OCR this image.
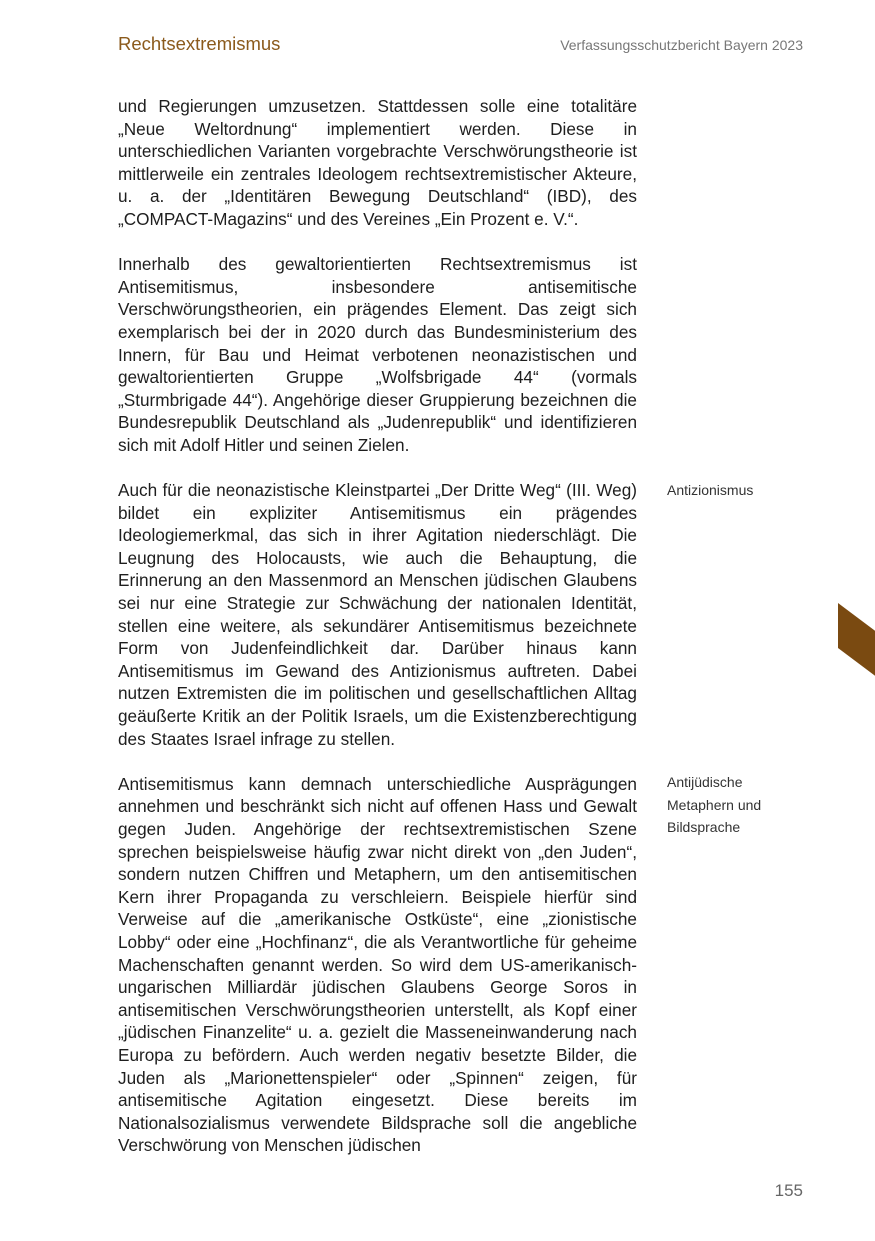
Rechtsextremismus	Verfassungsschutzbericht Bayern 2023

und Regierungen umzusetzen. Stattdessen solle eine totalitäre „Neue Weltordnung“ implementiert werden. Diese in unterschiedlichen Varianten vorgebrachte Verschwörungstheorie ist mittlerweile ein zentrales Ideologem rechtsextremistischer Akteure, u. a. der „Identitären Bewegung Deutschland“ (IBD), des „COMPACT-Magazins“ und des Vereines „Ein Prozent e. V.“.

Innerhalb des gewaltorientierten Rechtsextremismus ist Antisemitismus, insbesondere antisemitische Verschwörungstheorien, ein prägendes Element. Das zeigt sich exemplarisch bei der in 2020 durch das Bundesministerium des Innern, für Bau und Heimat verbotenen neonazistischen und gewaltorientierten Gruppe „Wolfsbrigade 44“ (vormals „Sturmbrigade 44“). Angehörige dieser Gruppierung bezeichnen die Bundesrepublik Deutschland als „Judenrepublik“ und identifizieren sich mit Adolf Hitler und seinen Zielen.

Auch für die neonazistische Kleinstpartei „Der Dritte Weg“ (III. Weg) bildet ein expliziter Antisemitismus ein prägendes Ideologiemerkmal, das sich in ihrer Agitation niederschlägt. Die Leugnung des Holocausts, wie auch die Behauptung, die Erinnerung an den Massenmord an Menschen jüdischen Glaubens sei nur eine Strategie zur Schwächung der nationalen Identität, stellen eine weitere, als sekundärer Antisemitismus bezeichnete Form von Judenfeindlichkeit dar. Darüber hinaus kann Antisemitismus im Gewand des Antizionismus auftreten. Dabei nutzen Extremisten die im politischen und gesellschaftlichen Alltag geäußerte Kritik an der Politik Israels, um die Existenzberechtigung des Staates Israel infrage zu stellen.

Antisemitismus kann demnach unterschiedliche Ausprägungen annehmen und beschränkt sich nicht auf offenen Hass und Gewalt gegen Juden. Angehörige der rechtsextremistischen Szene sprechen beispielsweise häufig zwar nicht direkt von „den Juden“, sondern nutzen Chiffren und Metaphern, um den antisemitischen Kern ihrer Propaganda zu verschleiern. Beispiele hierfür sind Verweise auf die „amerikanische Ostküste“, eine „zionistische Lobby“ oder eine „Hochfinanz“, die als Verantwortliche für geheime Machenschaften genannt werden. So wird dem US-amerikanisch-ungarischen Milliardär jüdischen Glaubens George Soros in antisemitischen Verschwörungstheorien unterstellt, als Kopf einer „jüdischen Finanzelite“ u. a. gezielt die Masseneinwanderung nach Europa zu befördern. Auch werden negativ besetzte Bilder, die Juden als „Marionettenspieler“ oder „Spinnen“ zeigen, für antisemitische Agitation eingesetzt. Diese bereits im Nationalsozialismus verwendete Bildsprache soll die angebliche Verschwörung von Menschen jüdischen

Antizionismus
Antijüdische Metaphern und Bildsprache
155
